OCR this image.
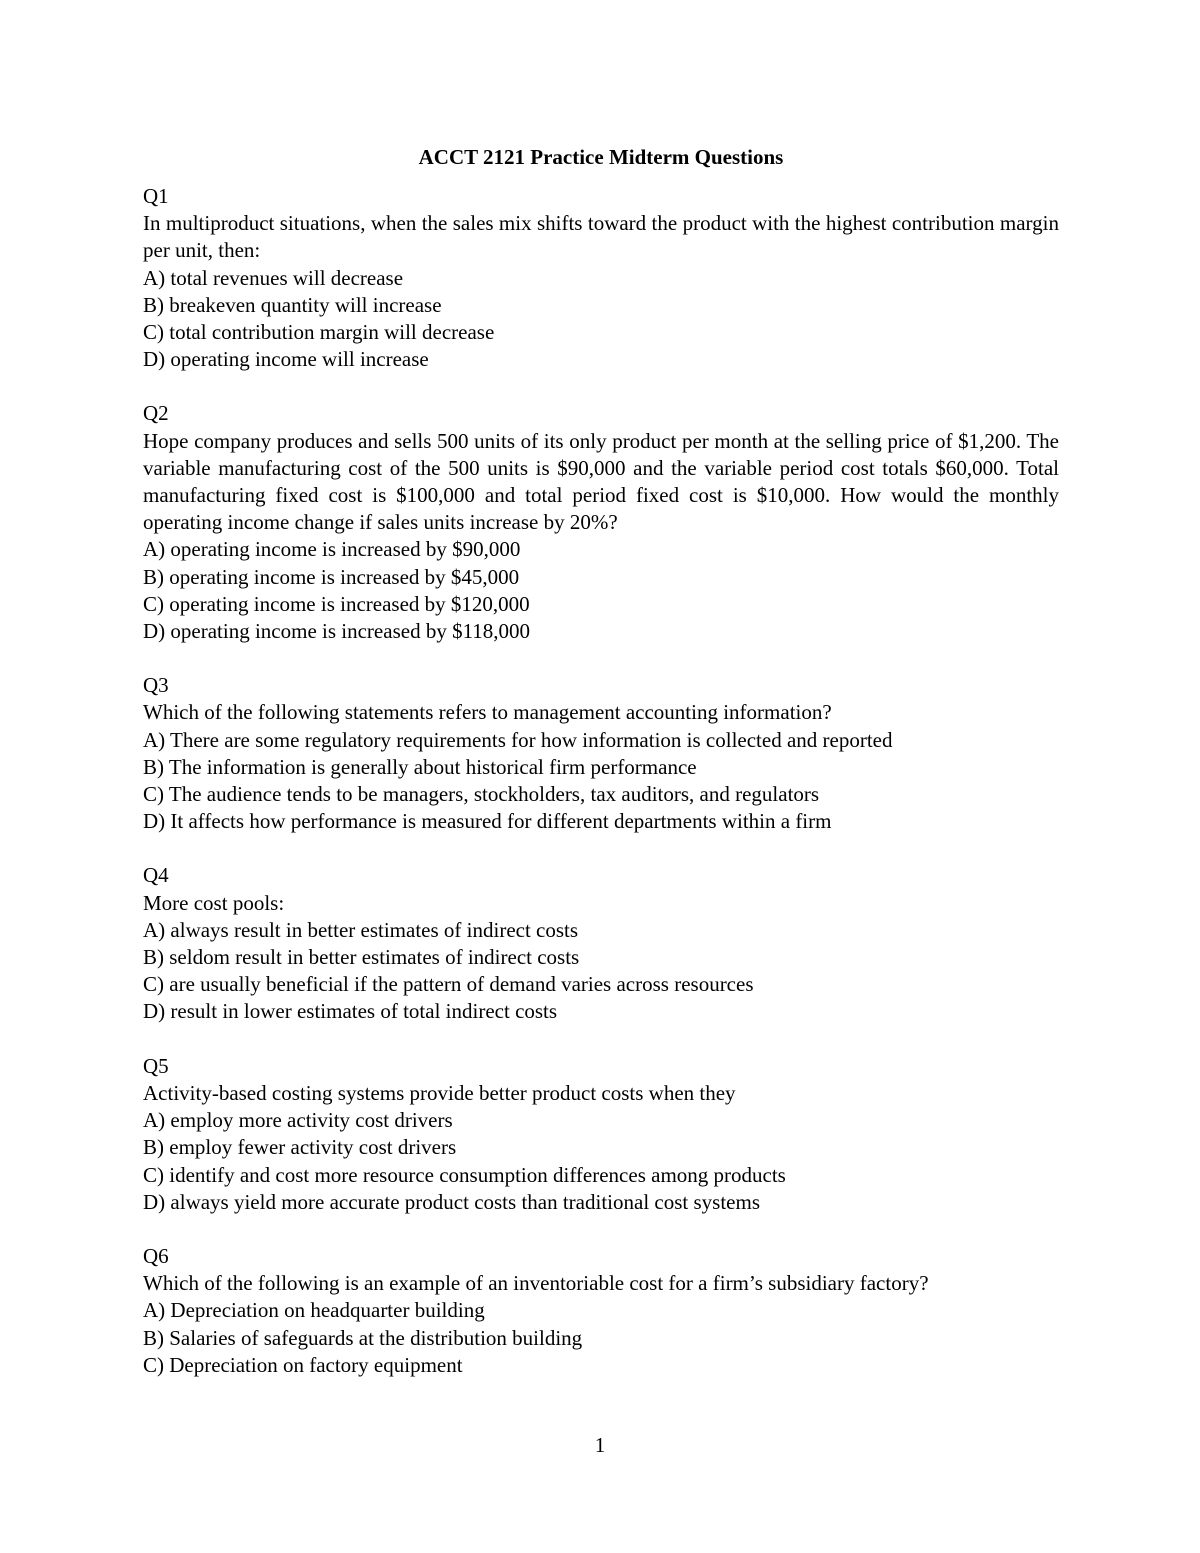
ACCT 2121 Practice Midterm Questions
Q1
In multiproduct situations, when the sales mix shifts toward the product with the highest contribution margin per unit, then:
A) total revenues will decrease
B) breakeven quantity will increase
C) total contribution margin will decrease
D) operating income will increase
Q2
Hope company produces and sells 500 units of its only product per month at the selling price of $1,200. The variable manufacturing cost of the 500 units is $90,000 and the variable period cost totals $60,000. Total manufacturing fixed cost is $100,000 and total period fixed cost is $10,000. How would the monthly operating income change if sales units increase by 20%?
A) operating income is increased by $90,000
B) operating income is increased by $45,000
C) operating income is increased by $120,000
D) operating income is increased by $118,000
Q3
Which of the following statements refers to management accounting information?
A) There are some regulatory requirements for how information is collected and reported
B) The information is generally about historical firm performance
C) The audience tends to be managers, stockholders, tax auditors, and regulators
D) It affects how performance is measured for different departments within a firm
Q4
More cost pools:
A) always result in better estimates of indirect costs
B) seldom result in better estimates of indirect costs
C) are usually beneficial if the pattern of demand varies across resources
D) result in lower estimates of total indirect costs
Q5
Activity-based costing systems provide better product costs when they
A) employ more activity cost drivers
B) employ fewer activity cost drivers
C) identify and cost more resource consumption differences among products
D) always yield more accurate product costs than traditional cost systems
Q6
Which of the following is an example of an inventoriable cost for a firm’s subsidiary factory?
A) Depreciation on headquarter building
B) Salaries of safeguards at the distribution building
C) Depreciation on factory equipment
1
